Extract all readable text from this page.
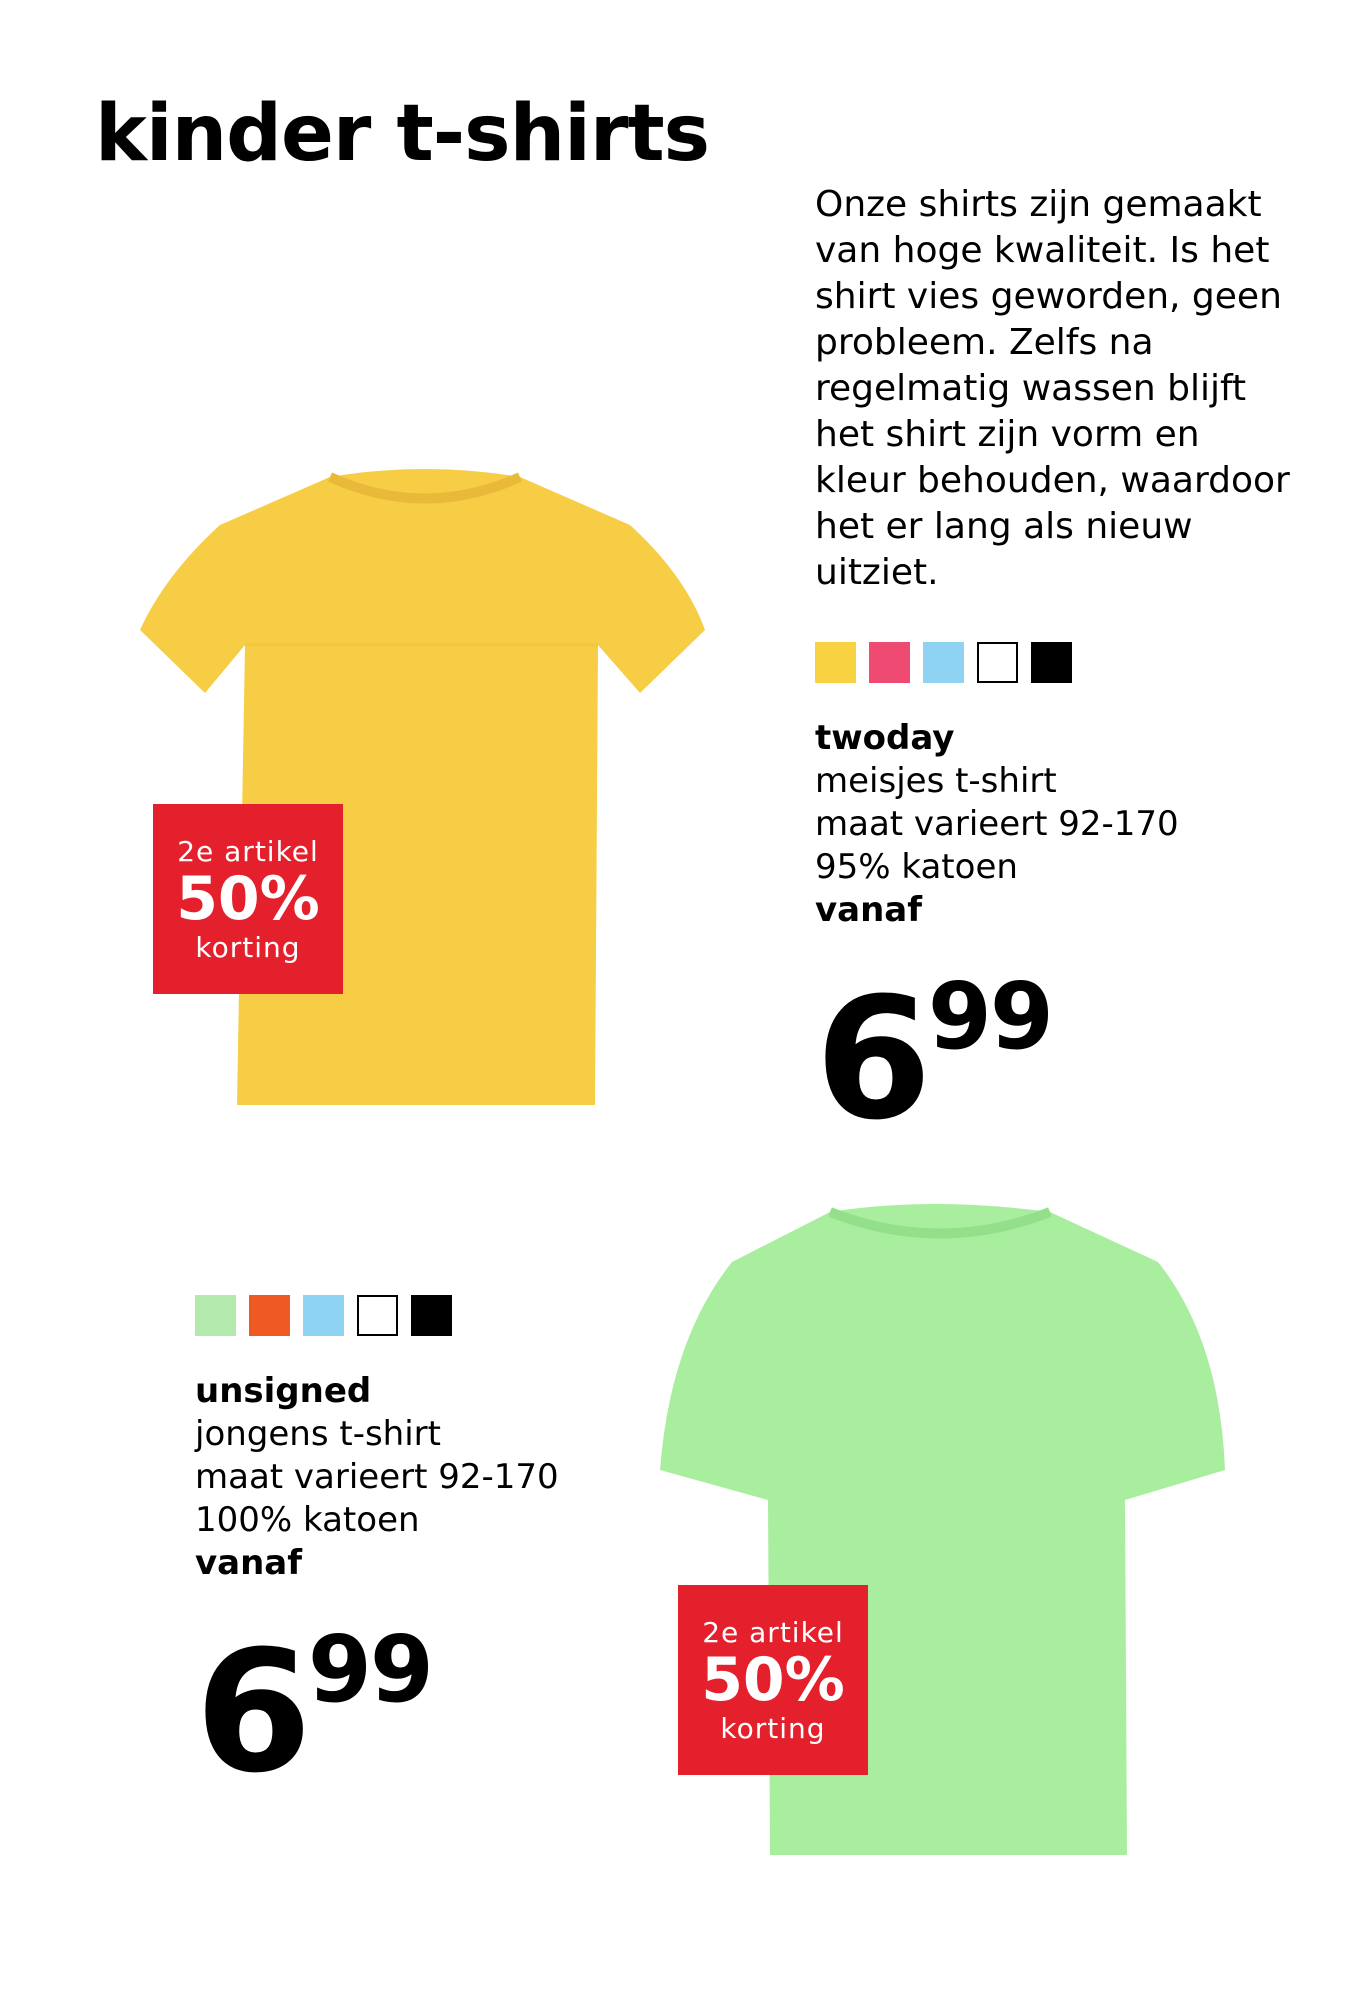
kinder t-shirts

Onze shirts zijn gemaakt van hoge kwaliteit. Is het shirt vies geworden, geen probleem. Zelfs na regelmatig wassen blijft het shirt zijn vorm en kleur behouden, waardoor het er lang als nieuw uitziet.

2e artikel
50%
korting
twoday
meisjes t-shirt
maat varieert 92-170
95% katoen
vanaf
699
2e artikel
50%
korting
unsigned
jongens t-shirt
maat varieert 92-170
100% katoen
vanaf
699
